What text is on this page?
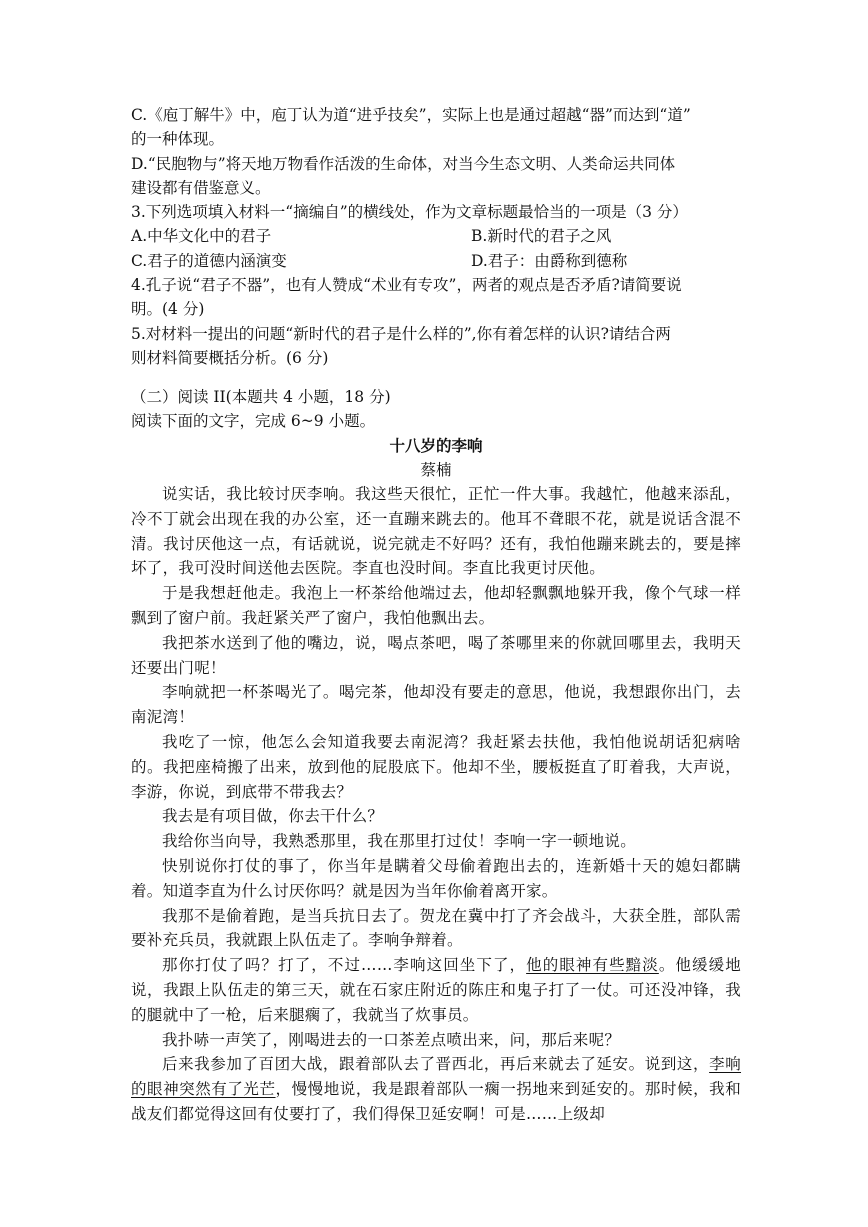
C.《庖丁解牛》中，庖丁认为道“进乎技矣”，实际上也是通过超越“器”而达到“道”
的一种体现。
D.“民胞物与”将天地万物看作活泼的生命体，对当今生态文明、人类命运共同体
建设都有借鉴意义。
3.下列选项填入材料一“摘编自”的横线处，作为文章标题最恰当的一项是（3 分）
A.中华文化中的君子	B.新时代的君子之风
C.君子的道德内涵演变	D.君子：由爵称到德称
4.孔子说“君子不器”，也有人赞成“术业有专攻”，两者的观点是否矛盾?请简要说
明。(4 分)
5.对材料一提出的问题“新时代的君子是什么样的”,你有着怎样的认识?请结合两
则材料简要概括分析。(6 分)
（二）阅读 II(本题共 4 小题，18 分)
阅读下面的文字，完成 6~9 小题。
十八岁的李响
蔡楠

说实话，我比较讨厌李响。我这些天很忙，正忙一件大事。我越忙，他越来添乱，冷不丁就会出现在我的办公室，还一直蹦来跳去的。他耳不聋眼不花，就是说话含混不清。我讨厌他这一点，有话就说，说完就走不好吗？还有，我怕他蹦来跳去的，要是摔坏了，我可没时间送他去医院。李直也没时间。李直比我更讨厌他。

于是我想赶他走。我泡上一杯茶给他端过去，他却轻飘飘地躲开我，像个气球一样飘到了窗户前。我赶紧关严了窗户，我怕他飘出去。

我把茶水送到了他的嘴边，说，喝点茶吧，喝了茶哪里来的你就回哪里去，我明天还要出门呢！

李响就把一杯茶喝光了。喝完茶，他却没有要走的意思，他说，我想跟你出门，去南泥湾！

我吃了一惊，他怎么会知道我要去南泥湾？我赶紧去扶他，我怕他说胡话犯病啥的。我把座椅搬了出来，放到他的屁股底下。他却不坐，腰板挺直了盯着我，大声说，李游，你说，到底带不带我去？

我去是有项目做，你去干什么？

我给你当向导，我熟悉那里，我在那里打过仗！李响一字一顿地说。

快别说你打仗的事了，你当年是瞒着父母偷着跑出去的，连新婚十天的媳妇都瞒着。知道李直为什么讨厌你吗？就是因为当年你偷着离开家。

我那不是偷着跑，是当兵抗日去了。贺龙在冀中打了齐会战斗，大获全胜，部队需要补充兵员，我就跟上队伍走了。李响争辩着。

那你打仗了吗？打了，不过……李响这回坐下了，他的眼神有些黯淡。他缓缓地说，我跟上队伍走的第三天，就在石家庄附近的陈庄和鬼子打了一仗。可还没冲锋，我的腿就中了一枪，后来腿瘸了，我就当了炊事员。

我扑哧一声笑了，刚喝进去的一口茶差点喷出来，问，那后来呢？

后来我参加了百团大战，跟着部队去了晋西北，再后来就去了延安。说到这，李响的眼神突然有了光芒，慢慢地说，我是跟着部队一瘸一拐地来到延安的。那时候，我和战友们都觉得这回有仗要打了，我们得保卫延安啊！可是……上级却
